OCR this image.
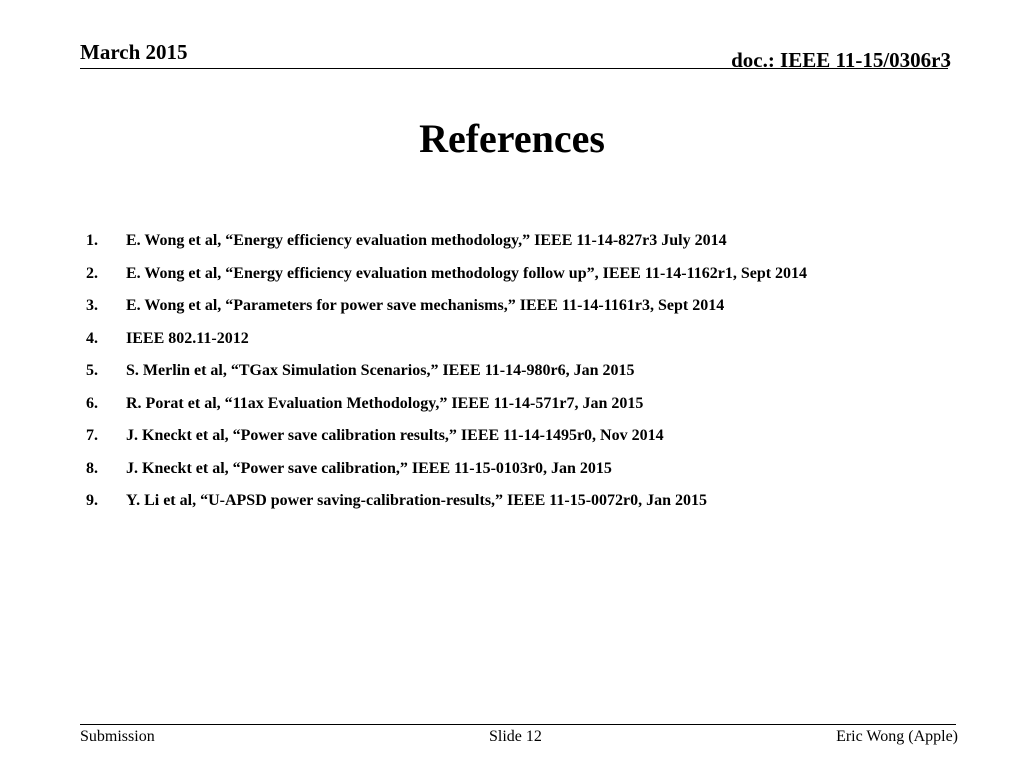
March 2015	doc.: IEEE 11-15/0306r3
References
1.	E. Wong et al, “Energy efficiency evaluation methodology,” IEEE 11-14-827r3 July 2014
2.	E. Wong et al, “Energy efficiency evaluation methodology follow up”, IEEE 11-14-1162r1, Sept 2014
3.	E. Wong et al, “Parameters for power save mechanisms,” IEEE 11-14-1161r3, Sept 2014
4.	IEEE 802.11-2012
5.	S. Merlin et al, “TGax Simulation Scenarios,” IEEE 11-14-980r6, Jan 2015
6.	R. Porat et al, “11ax Evaluation Methodology,” IEEE 11-14-571r7, Jan 2015
7.	J. Kneckt et al, “Power save calibration results,” IEEE 11-14-1495r0, Nov 2014
8.	J. Kneckt et al, “Power save calibration,” IEEE 11-15-0103r0, Jan 2015
9.	Y. Li et al, “U-APSD power saving-calibration-results,” IEEE 11-15-0072r0, Jan 2015
Submission	Slide 12	Eric Wong (Apple)
